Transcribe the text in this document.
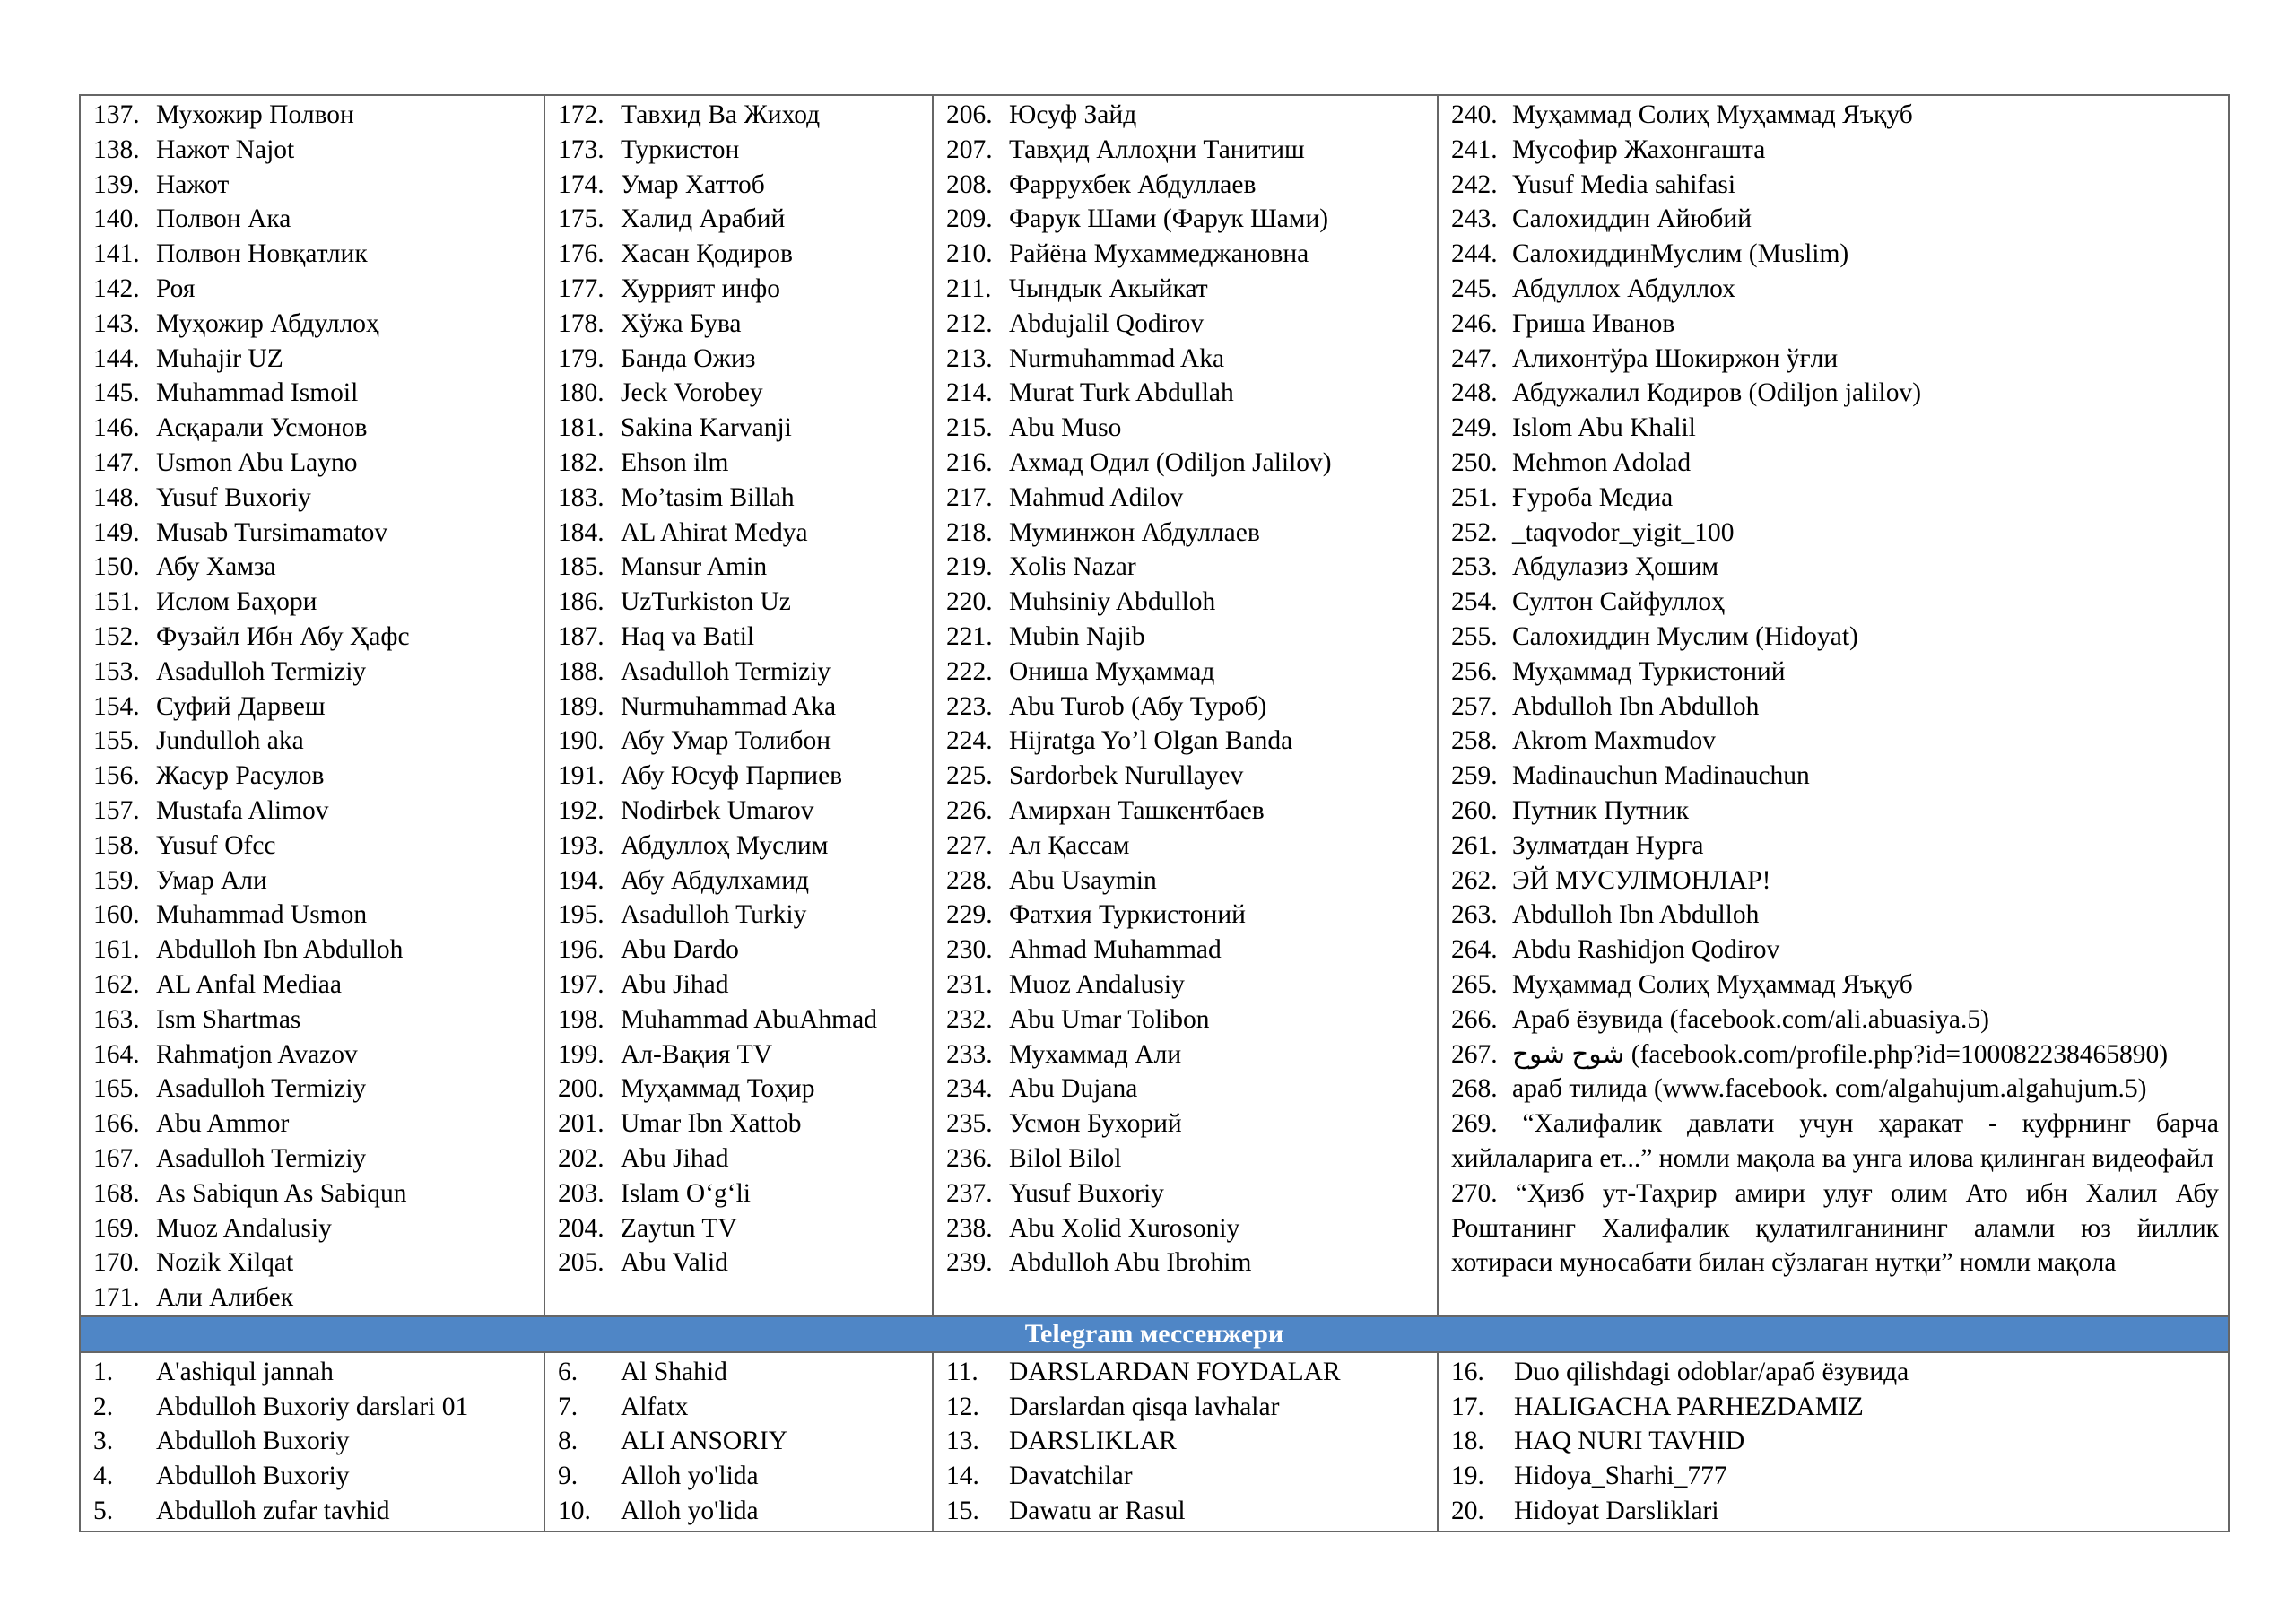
137. Мухожир Полвон
138. Нажот Najot
139. Нажот
140. Полвон Ака
141. Полвон Новқатлик
142. Роя
143. Муҳожир Абдуллоҳ
144. Muhajir UZ
145. Muhammad Ismoil
146. Асқарали Усмонов
147. Usmon Abu Layno
148. Yusuf Buxoriy
149. Musab Tursimamatov
150. Абу Хамза
151. Ислом Баҳори
152. Фузайл Ибн Абу Ҳафс
153. Asadulloh Termiziy
154. Суфий Дарвеш
155. Jundulloh aka
156. Жасур Расулов
157. Mustafa Alimov
158. Yusuf Ofcc
159. Умар Али
160. Muhammad Usmon
161. Abdulloh Ibn Abdulloh
162. AL Anfal Mediaa
163. Ism Shartmas
164. Rahmatjon Avazov
165. Asadulloh Termiziy
166. Abu Ammor
167. Asadulloh Termiziy
168. As Sabiqun As Sabiqun
169. Muoz Andalusiy
170. Nozik Xilqat
171. Али Алибек
172. Тавхид Ва Жиход
173. Туркистон
174. Умар Хаттоб
175. Халид Арабий
176. Хасан Қодиров
177. Хуррият инфо
178. Хўжа Бува
179. Банда Ожиз
180. Jeck Vorobey
181. Sakina Karvanji
182. Ehson ilm
183. Mo’tasim Billah
184. AL Ahirat Medya
185. Mansur Amin
186. UzTurkiston Uz
187. Haq va Batil
188. Asadulloh Termiziy
189. Nurmuhammad Aka
190. Абу Умар Толибон
191. Абу Юсуф Парпиев
192. Nodirbek Umarov
193. Абдуллоҳ Муслим
194. Абу Абдулхамид
195. Asadulloh Turkiy
196. Abu Dardo
197. Abu Jihad
198. Muhammad AbuAhmad
199. Ал-Вақия TV
200. Муҳаммад Тоҳир
201. Umar Ibn Xattob
202. Abu Jihad
203. Islam O‘g‘li
204. Zaytun TV
205. Abu Valid
206. Юсуф Зайд
207. Тавҳид Аллоҳни Танитиш
208. Фаррухбек Абдуллаев
209. Фарук Шами (Фарук Шами)
210. Райёна Мухаммеджановна
211. Чындык Акыйкат
212. Abdujalil Qodirov
213. Nurmuhammad Aka
214. Murat Turk Abdullah
215. Abu Muso
216. Ахмад Одил (Odiljon Jalilov)
217. Mahmud Adilov
218. Муминжон Абдуллаев
219. Xolis Nazar
220. Muhsiniy Abdulloh
221. Mubin Najib
222. Ониша Муҳаммад
223. Abu Turob (Абу Туроб)
224. Hijratga Yo’l Olgan Banda
225. Sardorbek Nurullayev
226. Амирхан Ташкентбаев
227. Ал Қассам
228. Abu Usaymin
229. Фатхия Туркистоний
230. Ahmad Muhammad
231. Muoz Andalusiy
232. Abu Umar Tolibon
233. Мухаммад Али
234. Abu Dujana
235. Усмон Бухорий
236. Bilol Bilol
237. Yusuf Buxoriy
238. Abu Xolid Xurosoniy
239. Abdulloh Abu Ibrohim
240. Муҳаммад Солиҳ Муҳаммад Яъқуб
241. Мусофир Жахонгашта
242. Yusuf Media sahifasi
243. Салохиддин Айюбий
244. СалохиддинМуслим (Muslim)
245. Абдуллох Абдуллох
246. Гриша Иванов
247. Алихонтўра Шокиржон ўғли
248. Абдужалил Кодиров (Odiljon jalilov)
249. Islom Abu Khalil
250. Mehmon Adolad
251. Ғуроба Медиа
252. _taqvodor_yigit_100
253. Абдулазиз Ҳошим
254. Султон Сайфуллоҳ
255. Салохиддин Муслим (Hidoyat)
256. Муҳаммад Туркистоний
257. Abdulloh Ibn Abdulloh
258. Akrom Maxmudov
259. Madinauchun Madinauchun
260. Путник Путник
261. Зулматдан Нурга
262. ЭЙ МУСУЛМОНЛАР!
263. Abdulloh Ibn Abdulloh
264. Abdu Rashidjon Qodirov
265. Муҳаммад Солиҳ Муҳаммад Яъқуб
266. Араб ёзувида (facebook.com/ali.abuasiya.5)
267. شوح شوح (facebook.com/profile.php?id=100082238465890)
268. араб тилида (www.facebook. com/algahujum.algahujum.5)
269. “Халифалик давлати учун ҳаракат - куфрнинг барча хийлаларига ет...” номли мақола ва унга илова қилинган видеофайл
270. “Ҳизб ут-Таҳрир амири улуғ олим Ато ибн Халил Абу Роштанинг Халифалик қулатилганининг аламли юз йиллик хотираси муносабати билан сўзлаган нутқи” номли мақола
Telegram мессенжери
1. A'ashiqul jannah
2. Abdulloh Buxoriy darslari 01
3. Abdulloh Buxoriy
4. Abdulloh Buxoriy
5. Abdulloh zufar tavhid
6. Al Shahid
7. Alfatx
8. ALI ANSORIY
9. Alloh yo'lida
10. Alloh yo'lida
11. DARSLARDAN FOYDALAR
12. Darslardan qisqa lavhalar
13. DARSLIKLAR
14. Davatchilar
15. Dawatu ar Rasul
16. Duo qilishdagi odoblar/араб ёзувида
17. HALIGACHA PARHEZDAMIZ
18. HAQ NURI TAVHID
19. Hidoya_Sharhi_777
20. Hidoyat Darsliklari
